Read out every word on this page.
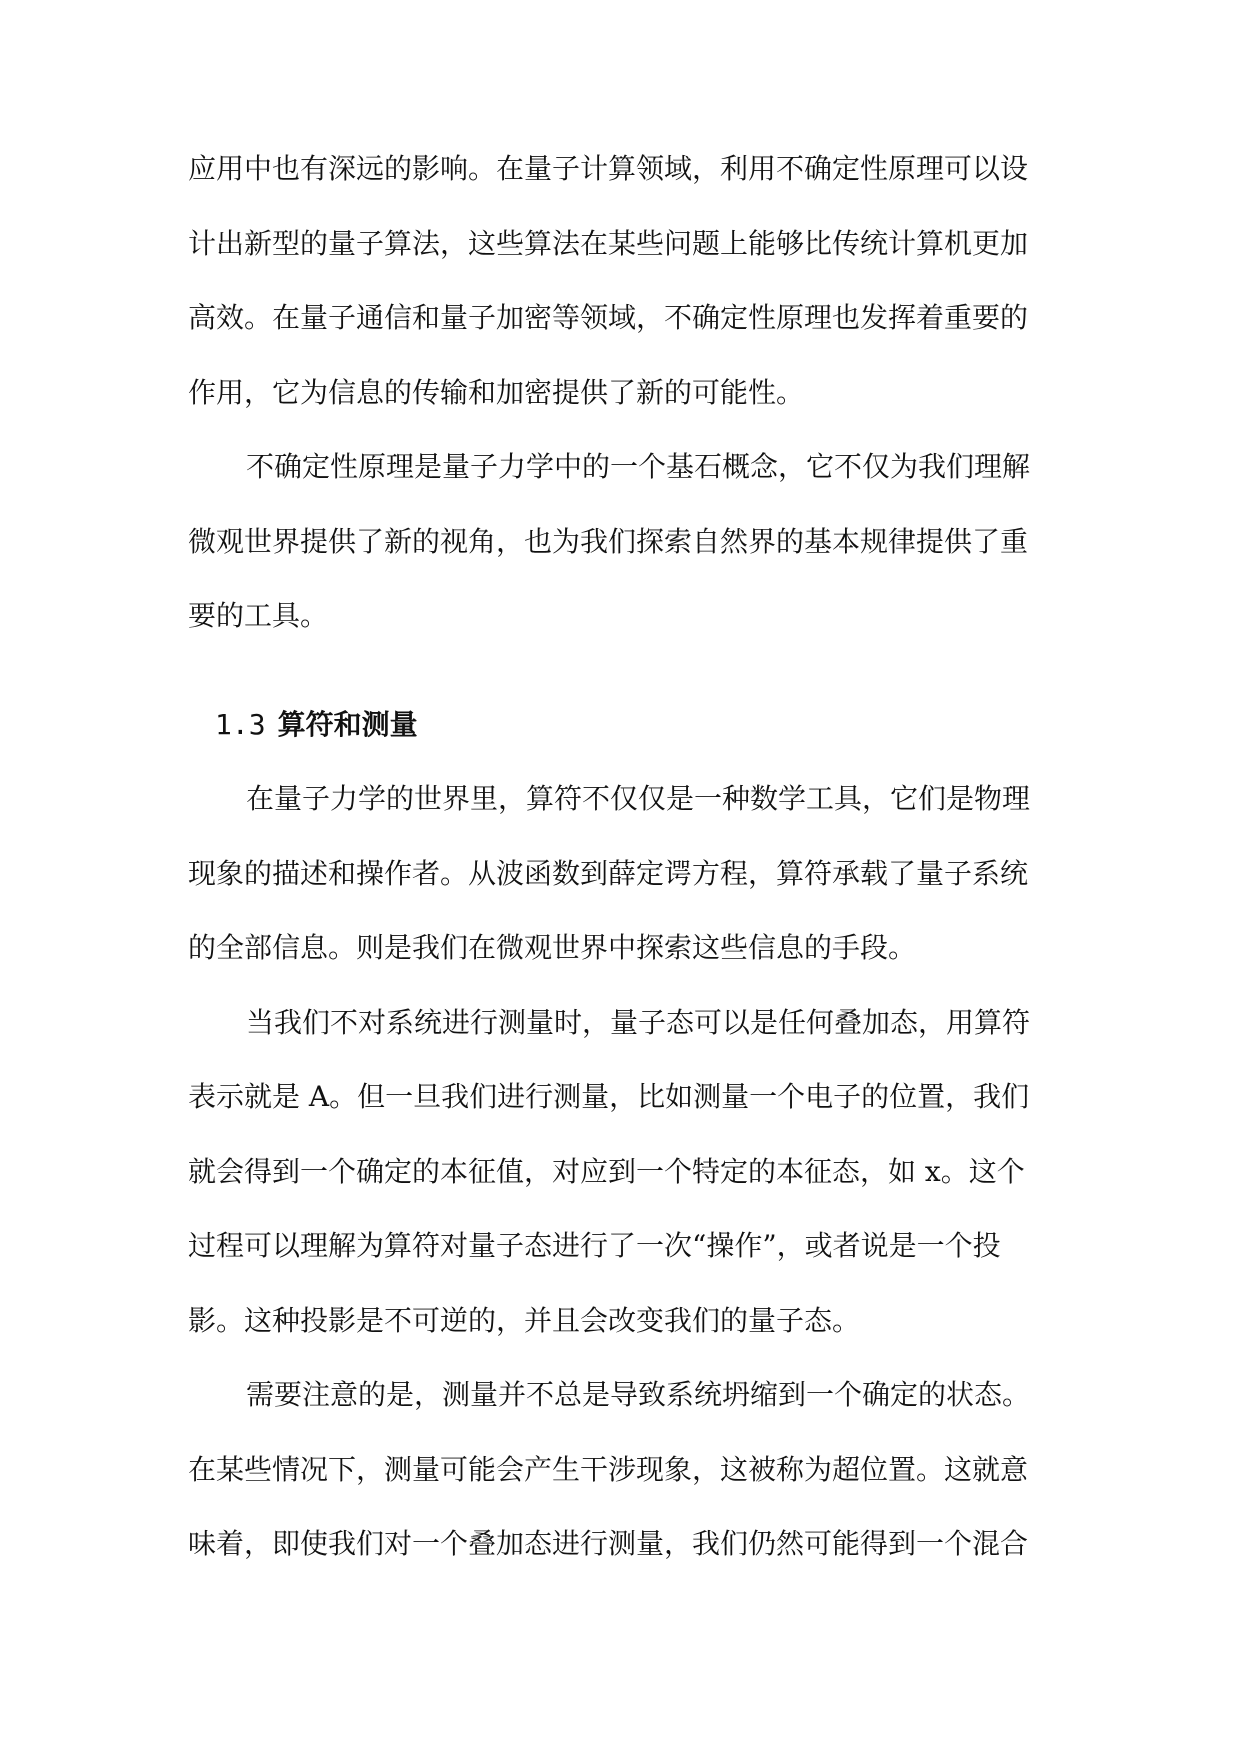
应用中也有深远的影响。在量子计算领域，利用不确定性原理可以设
计出新型的量子算法，这些算法在某些问题上能够比传统计算机更加
高效。在量子通信和量子加密等领域，不确定性原理也发挥着重要的
作用，它为信息的传输和加密提供了新的可能性。
不确定性原理是量子力学中的一个基石概念，它不仅为我们理解
微观世界提供了新的视角，也为我们探索自然界的基本规律提供了重
要的工具。
1.3 算符和测量
在量子力学的世界里，算符不仅仅是一种数学工具，它们是物理
现象的描述和操作者。从波函数到薛定谔方程，算符承载了量子系统
的全部信息。则是我们在微观世界中探索这些信息的手段。
当我们不对系统进行测量时，量子态可以是任何叠加态，用算符
表示就是 A。但一旦我们进行测量，比如测量一个电子的位置，我们
就会得到一个确定的本征值，对应到一个特定的本征态，如 x。这个
过程可以理解为算符对量子态进行了一次“操作”，或者说是一个投
影。这种投影是不可逆的，并且会改变我们的量子态。
需要注意的是，测量并不总是导致系统坍缩到一个确定的状态。
在某些情况下，测量可能会产生干涉现象，这被称为超位置。这就意
味着，即使我们对一个叠加态进行测量，我们仍然可能得到一个混合
